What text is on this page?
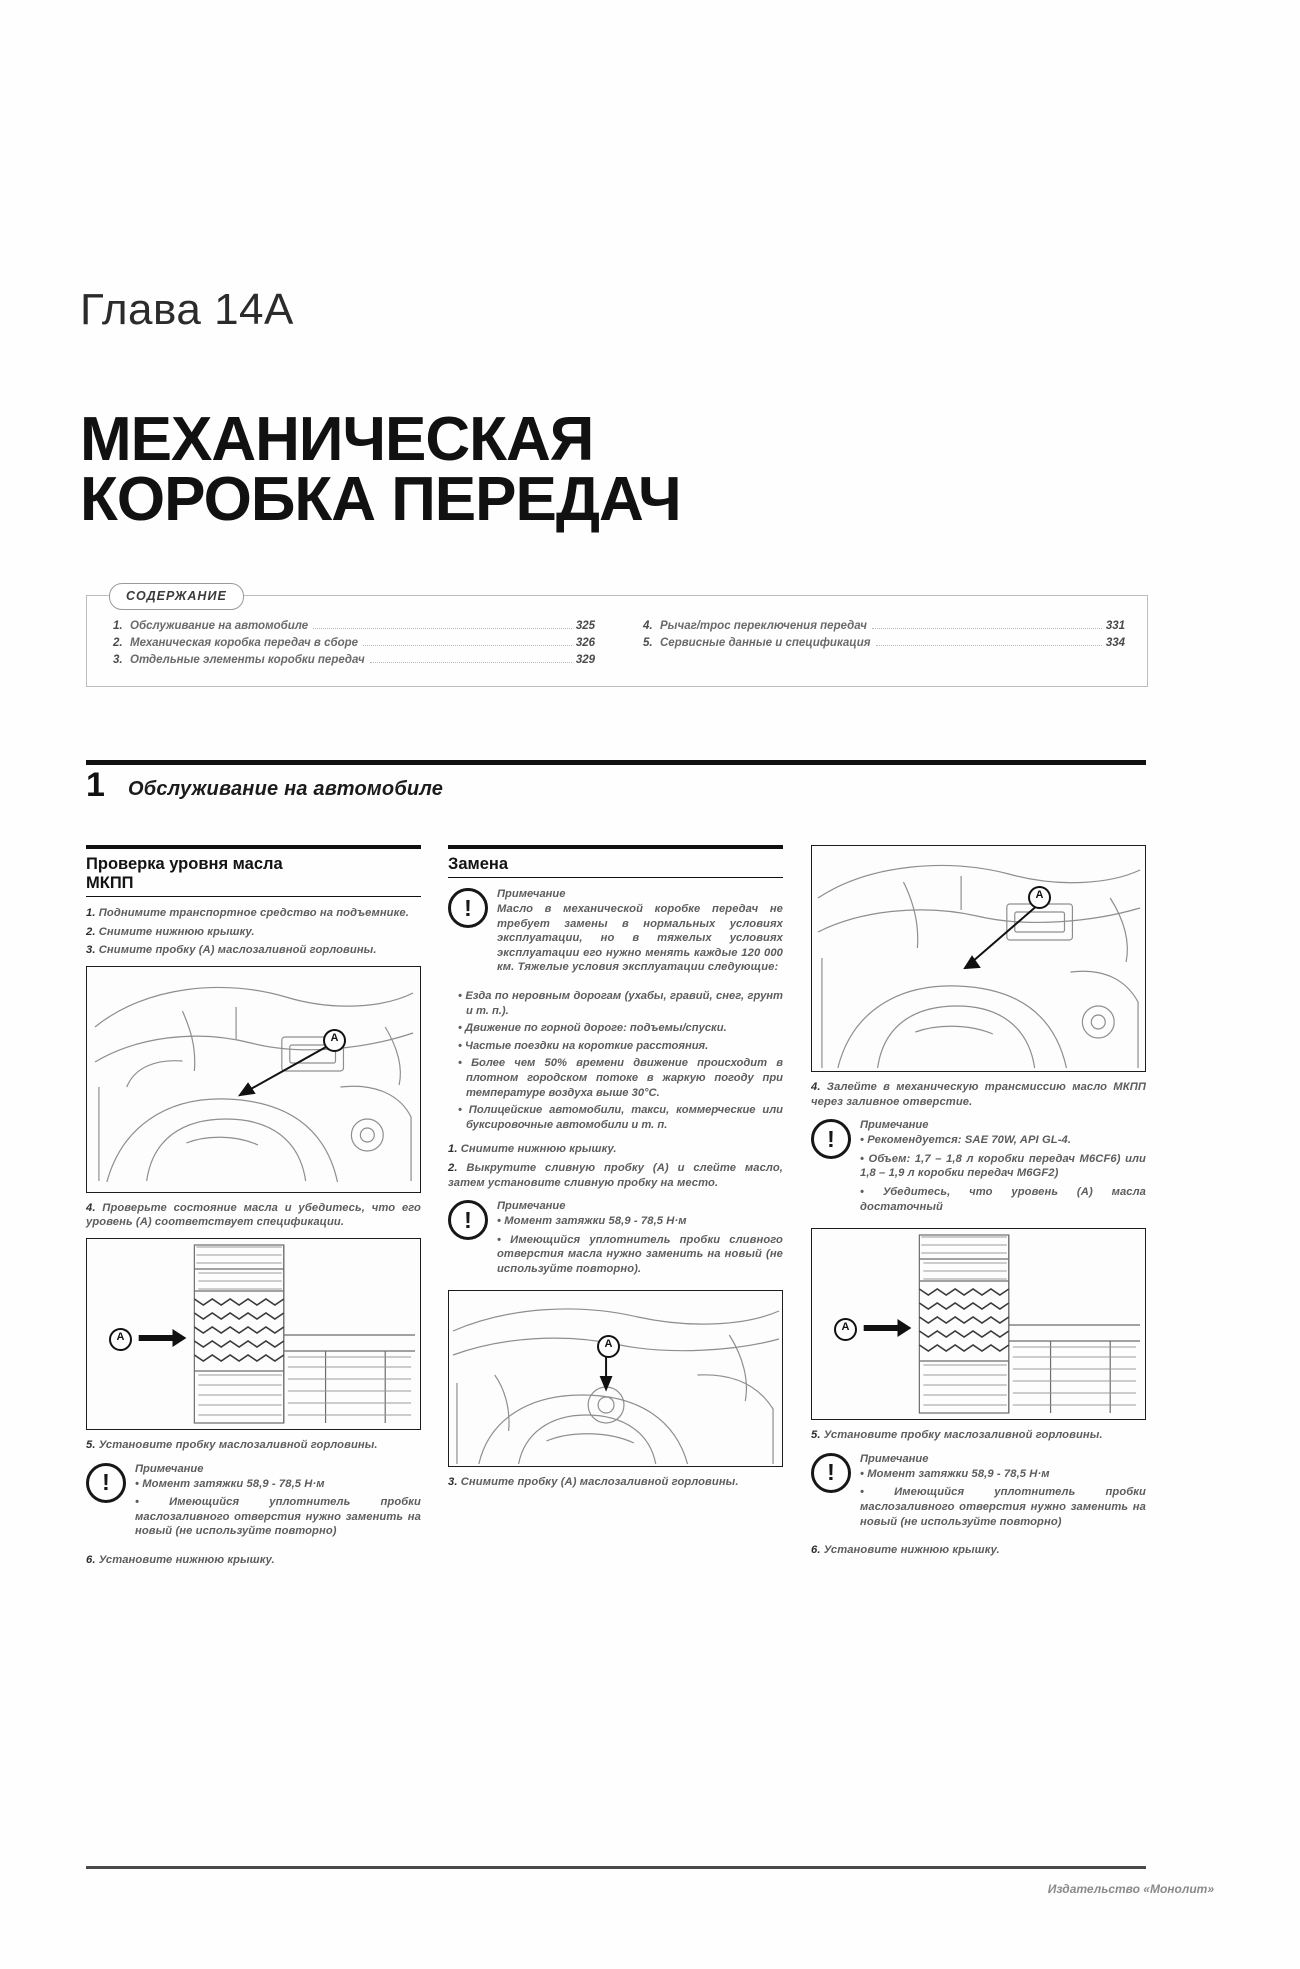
Глава 14А
МЕХАНИЧЕСКАЯ
КОРОБКА ПЕРЕДАЧ
СОДЕРЖАНИЕ
1. Обслуживание на автомобиле	325
2. Механическая коробка передач в сборе	326
3. Отдельные элементы коробки передач	329
4. Рычаг/трос переключения передач	331
5. Сервисные данные и спецификация	334
1 Обслуживание на автомобиле
Проверка уровня масла
МКПП

1. Поднимите транспортное средство на подъемнике.

2. Снимите нижнюю крышку.

3. Снимите пробку (А) маслозаливной горловины.

А

4. Проверьте состояние масла и убедитесь, что его уровень (А) соответствует спецификации.

А

5. Установите пробку маслозаливной горловины.

!

Примечание

• Момент затяжки 58,9 - 78,5 Н·м

• Имеющийся уплотнитель пробки маслозаливного отверстия нужно заменить на новый (не используйте повторно)

6. Установите нижнюю крышку.

Замена
!

Примечание

Масло в механической коробке передач не требует замены в нормальных условиях эксплуатации, но в тяжелых условиях эксплуатации его нужно менять каждые 120 000 км. Тяжелые условия эксплуатации следующие:

• Езда по неровным дорогам (ухабы, гравий, снег, грунт и т. п.).

• Движение по горной дороге: подъемы/спуски.

• Частые поездки на короткие расстояния.

• Более чем 50% времени движение происходит в плотном городском потоке в жаркую погоду при температуре воздуха выше 30°С.

• Полицейские автомобили, такси, коммерческие или буксировочные автомобили и т. п.

1. Снимите нижнюю крышку.

2. Выкрутите сливную пробку (А) и слейте масло, затем установите сливную пробку на место.

!

Примечание

• Момент затяжки 58,9 - 78,5 Н·м

• Имеющийся уплотнитель пробки сливного отверстия масла нужно заменить на новый (не используйте повторно).

А

3. Снимите пробку (А) маслозаливной горловины.

А

4. Залейте в механическую трансмиссию масло МКПП через заливное отверстие.

!

Примечание

• Рекомендуется: SAE 70W, API GL-4.

• Объем: 1,7 – 1,8 л коробки передач M6CF6) или 1,8 – 1,9 л коробки передач M6GF2)

• Убедитесь, что уровень (А) масла достаточный

А

5. Установите пробку маслозаливной горловины.

!

Примечание

• Момент затяжки 58,9 - 78,5 Н·м

• Имеющийся уплотнитель пробки маслозаливного отверстия нужно заменить на новый (не используйте повторно)

6. Установите нижнюю крышку.

Издательство «Монолит»
